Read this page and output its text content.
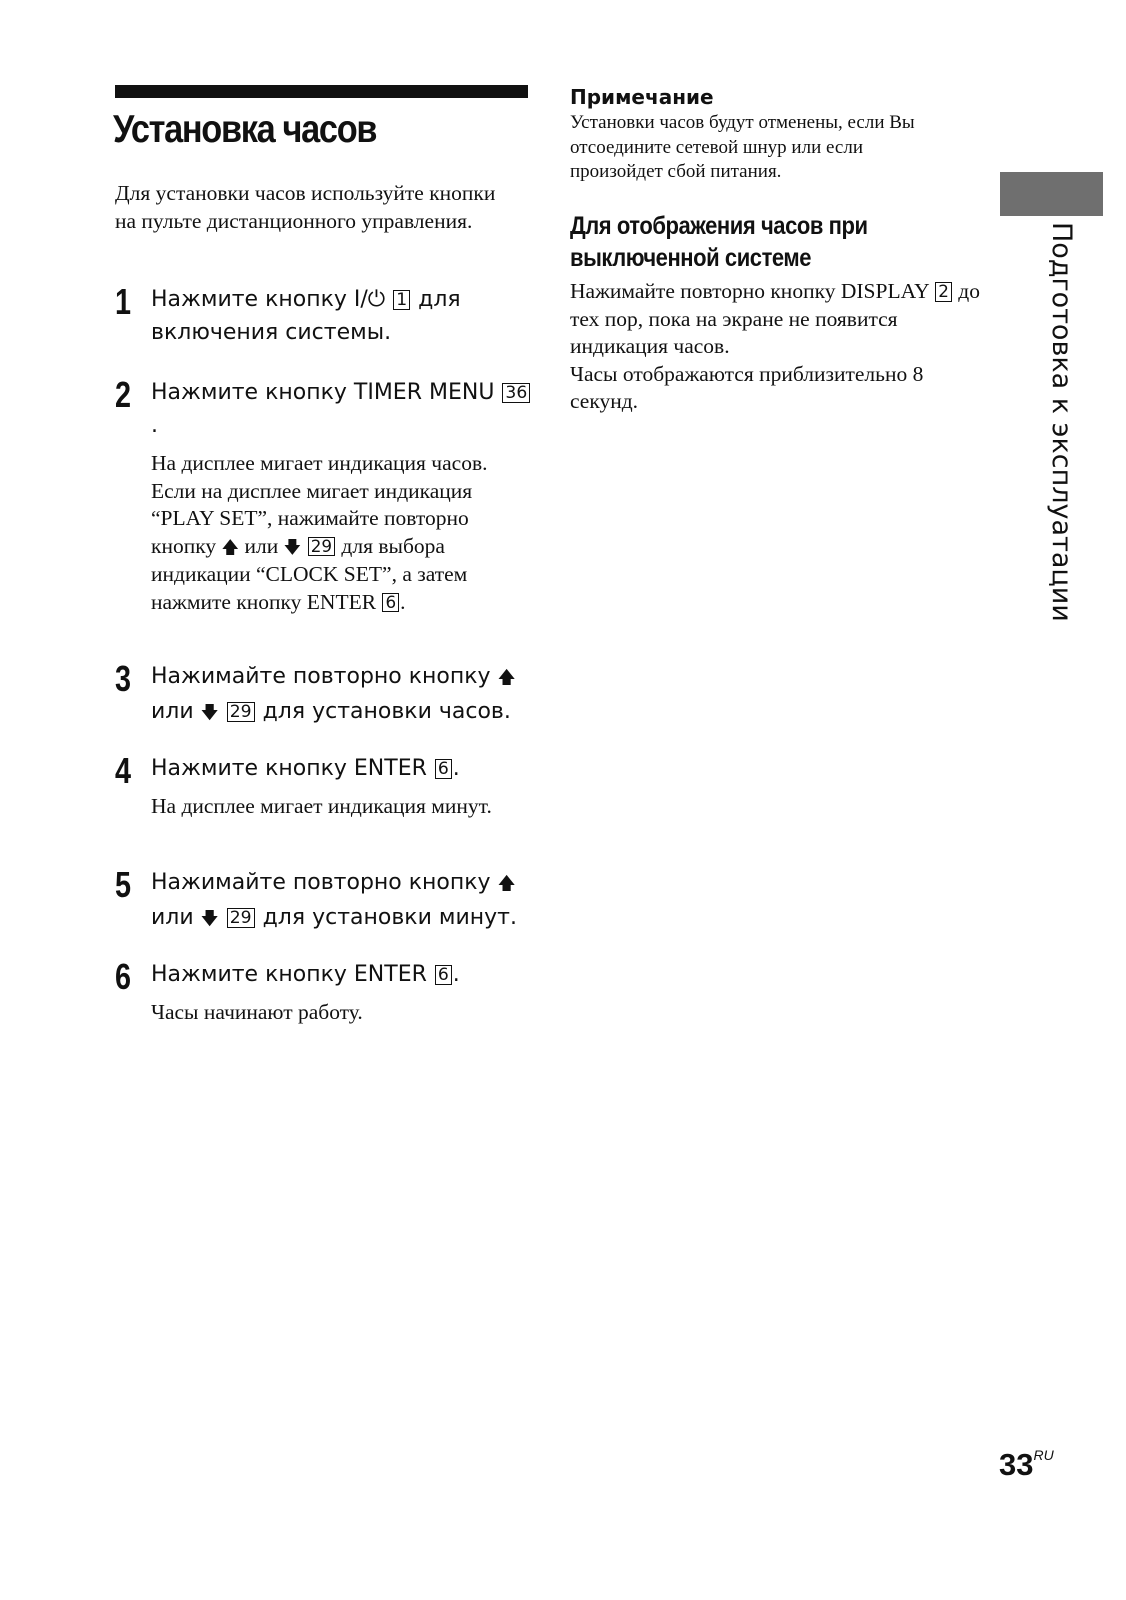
Установка часов

Для установки часов используйте кнопки на пульте дистанционного управления.

1 Нажмите кнопку I/⏻ 1 для включения системы.

2 Нажмите кнопку TIMER MENU 36.

На дисплее мигает индикация часов.
Если на дисплее мигает индикация “PLAY SET”, нажимайте повторно кнопку 🡅 или 🡇 29 для выбора индикации “CLOCK SET”, а затем нажмите кнопку ENTER 6 .

3 Нажимайте повторно кнопку 🡅 или 🡇 29 для установки часов.

4 Нажмите кнопку ENTER 6 .

На дисплее мигает индикация минут.

5 Нажимайте повторно кнопку 🡅 или 🡇 29 для установки минут.

6 Нажмите кнопку ENTER 6 .

Часы начинают работу.

Примечание

Установки часов будут отменены, если Вы отсоедините сетевой шнур или если произойдет сбой питания.

Для отображения часов при
выключенной системе

Нажимайте повторно кнопку DISPLAY 2 до тех пор, пока на экране не появится индикация часов.
Часы отображаются приблизительно 8 секунд.	Подготовка к эксплуатации
$33^{RU}$
